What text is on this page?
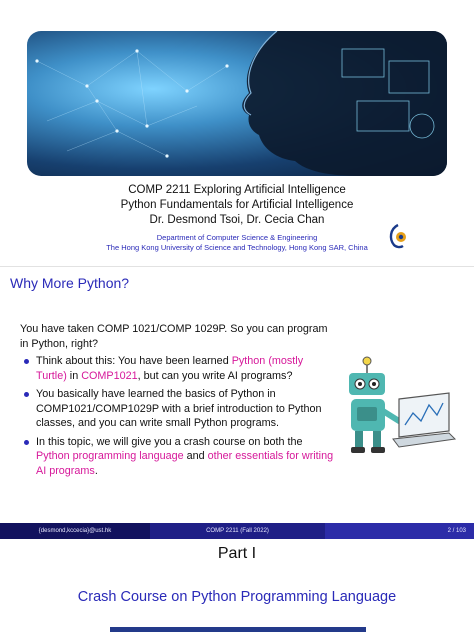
COMP 2211 Exploring Artificial Intelligence
Python Fundamentals for Artificial Intelligence
Dr. Desmond Tsoi, Dr. Cecia Chan
Department of Computer Science & Engineering
The Hong Kong University of Science and Technology, Hong Kong SAR, China
Why More Python?

You have taken COMP 1021/COMP 1029P. So you can program in Python, right?

Think about this: You have been learned Python (mostly Turtle) in COMP1021, but can you write AI programs?
You basically have learned the basics of Python in COMP1021/COMP1029P with a brief introduction to Python classes, and you can write small Python programs.
In this topic, we will give you a crash course on both the Python programming language and other essentials for writing AI programs.
{desmond,kccecia}@ust.hk	COMP 2211 (Fall 2022)	2 / 103
Part I
Crash Course on Python Programming Language
